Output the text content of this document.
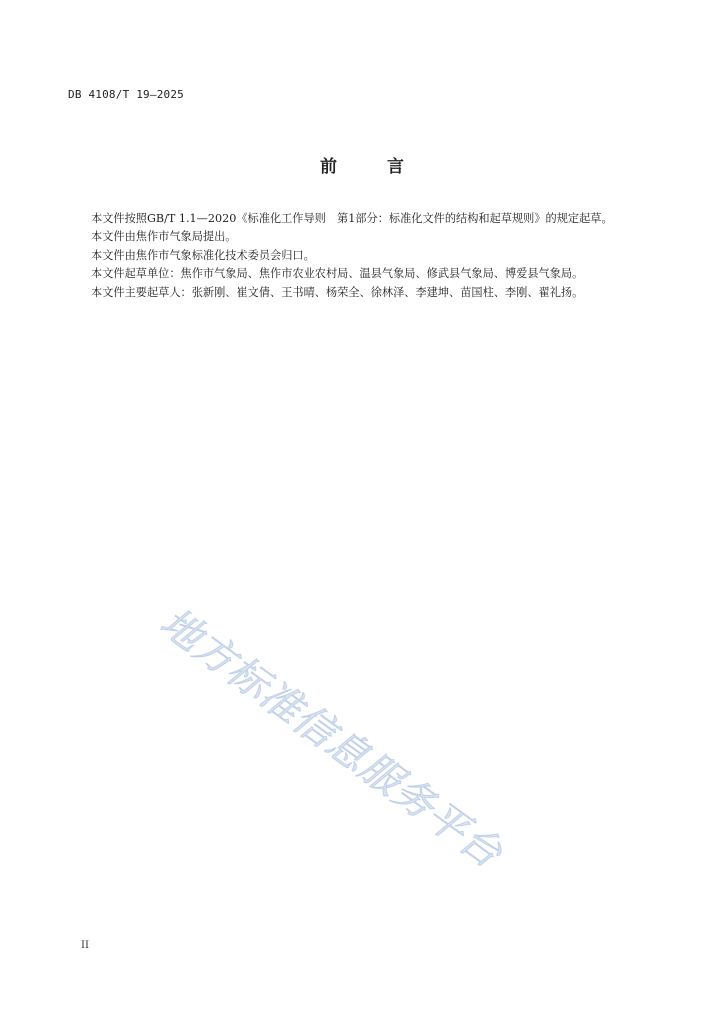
DB 4108/T 19—2025
前	言

本文件按照GB/T 1.1—2020《标准化工作导则　第1部分：标准化文件的结构和起草规则》的规定起草。

本文件由焦作市气象局提出。

本文件由焦作市气象标准化技术委员会归口。

本文件起草单位：焦作市气象局、焦作市农业农村局、温县气象局、修武县气象局、博爱县气象局。

本文件主要起草人：张新刚、崔文倩、王书晴、杨荣全、徐林泽、李建坤、苗国柱、李刚、翟礼扬。

地方标准信息服务平台
II
